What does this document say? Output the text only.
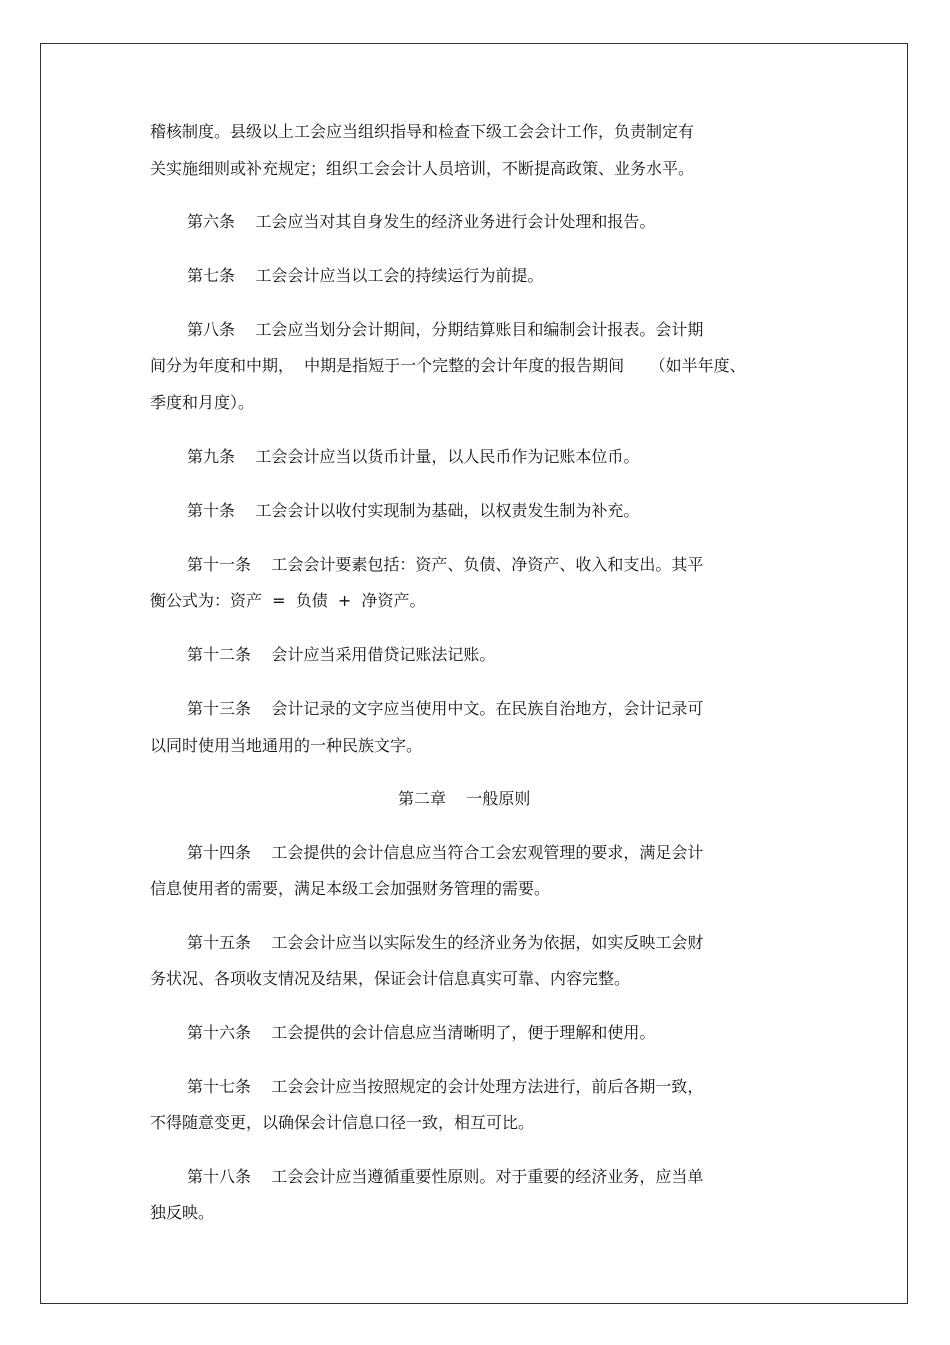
稽核制度。县级以上工会应当组织指导和检查下级工会会计工作，负责制定有
关实施细则或补充规定；组织工会会计人员培训，不断提高政策、业务水平。
第六条    工会应当对其自身发生的经济业务进行会计处理和报告。
第七条    工会会计应当以工会的持续运行为前提。
第八条    工会应当划分会计期间，分期结算账目和编制会计报表。会计期
间分为年度和中期，  中期是指短于一个完整的会计年度的报告期间     （如半年度、
季度和月度）。
第九条    工会会计应当以货币计量，以人民币作为记账本位币。
第十条    工会会计以收付实现制为基础，以权责发生制为补充。
第十一条    工会会计要素包括：资产、负债、净资产、收入和支出。其平
衡公式为：资产  =  负债  +  净资产。
第十二条    会计应当采用借贷记账法记账。
第十三条    会计记录的文字应当使用中文。在民族自治地方，会计记录可
以同时使用当地通用的一种民族文字。
第二章    一般原则
第十四条    工会提供的会计信息应当符合工会宏观管理的要求，满足会计
信息使用者的需要，满足本级工会加强财务管理的需要。
第十五条    工会会计应当以实际发生的经济业务为依据，如实反映工会财
务状况、各项收支情况及结果，保证会计信息真实可靠、内容完整。
第十六条    工会提供的会计信息应当清晰明了，便于理解和使用。
第十七条    工会会计应当按照规定的会计处理方法进行，前后各期一致，
不得随意变更，以确保会计信息口径一致，相互可比。
第十八条    工会会计应当遵循重要性原则。对于重要的经济业务，应当单
独反映。
